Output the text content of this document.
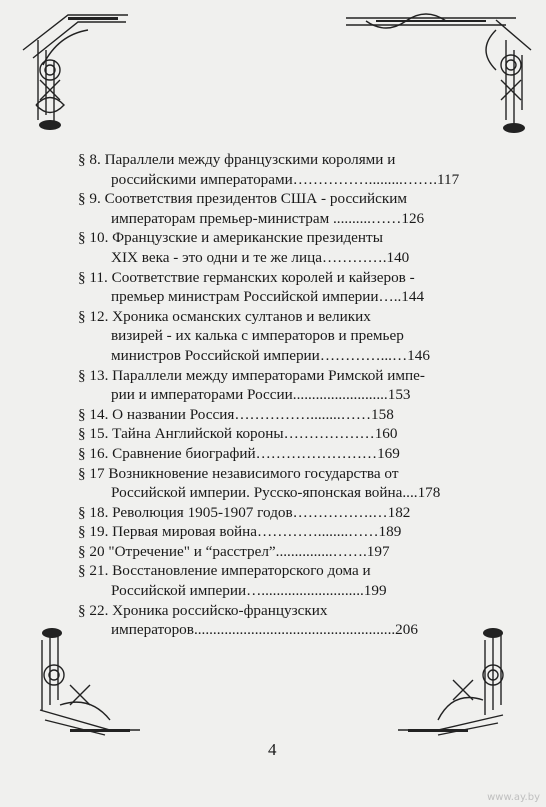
§ 8. Параллели между французскими королями и
российскими императорами…………….........…….117
§ 9. Соответствия президентов США - российским
императорам премьер-министрам ..........……126
§ 10. Французские и американские президенты
XIX века - это одни и те же лица………….140
§ 11. Соответствие германских королей и кайзеров -
премьер министрам Российской империи…..144
§ 12. Хроника османских султанов и великих
визирей - их калька с императоров и премьер
министров Российской империи…………...…146
§ 13. Параллели между императорами Римской импе-
рии и императорами России.........................153
§ 14. О названии Россия……………........……158
§ 15. Тайна Английской короны………………160
§ 16. Сравнение биографий……………………169
§ 17 Возникновение независимого государства от
Российской империи. Русско-японская война....178
§ 18. Революция 1905-1907 годов…………….…182
§ 19. Первая мировая война…………........……189
§ 20 "Отречение" и “расстрел”...............…….197
§ 21. Восстановление императорского дома и
Российской империи…...........................199
§ 22. Хроника российско-французских
императоров.....................................................206
4
www.ay.by
